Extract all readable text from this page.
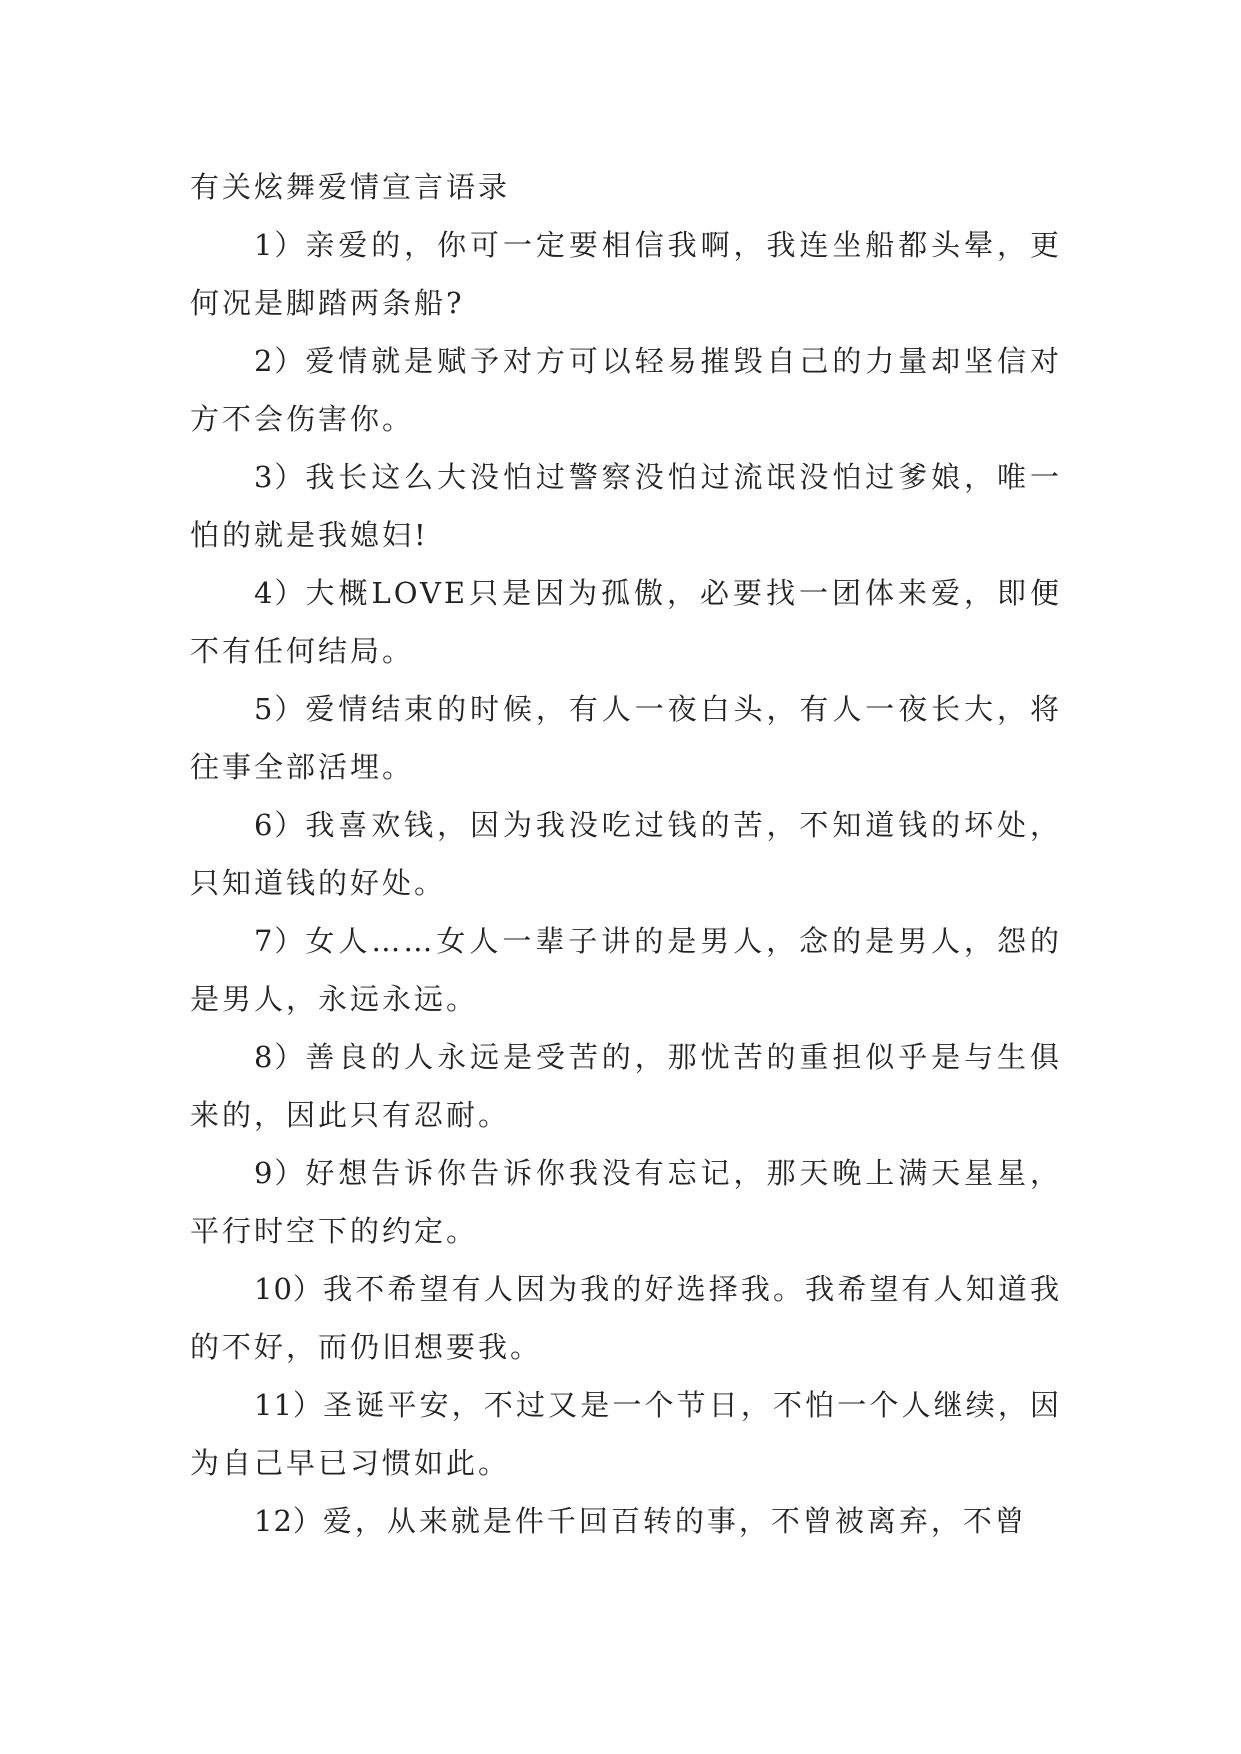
有关炫舞爱情宣言语录

1）亲爱的，你可一定要相信我啊，我连坐船都头晕，更何况是脚踏两条船?

2）爱情就是赋予对方可以轻易摧毁自己的力量却坚信对方不会伤害你。

3）我长这么大没怕过警察没怕过流氓没怕过爹娘，唯一怕的就是我媳妇!

4）大概LOVE只是因为孤傲，必要找一团体来爱，即便不有任何结局。

5）爱情结束的时候，有人一夜白头，有人一夜长大，将往事全部活埋。

6）我喜欢钱，因为我没吃过钱的苦，不知道钱的坏处，只知道钱的好处。

7）女人……女人一辈子讲的是男人，念的是男人，怨的是男人，永远永远。

8）善良的人永远是受苦的，那忧苦的重担似乎是与生俱来的，因此只有忍耐。

9）好想告诉你告诉你我没有忘记，那天晚上满天星星，平行时空下的约定。

10）我不希望有人因为我的好选择我。我希望有人知道我的不好，而仍旧想要我。

11）圣诞平安，不过又是一个节日，不怕一个人继续，因为自己早已习惯如此。

12）爱，从来就是件千回百转的事，不曾被离弃，不曾
